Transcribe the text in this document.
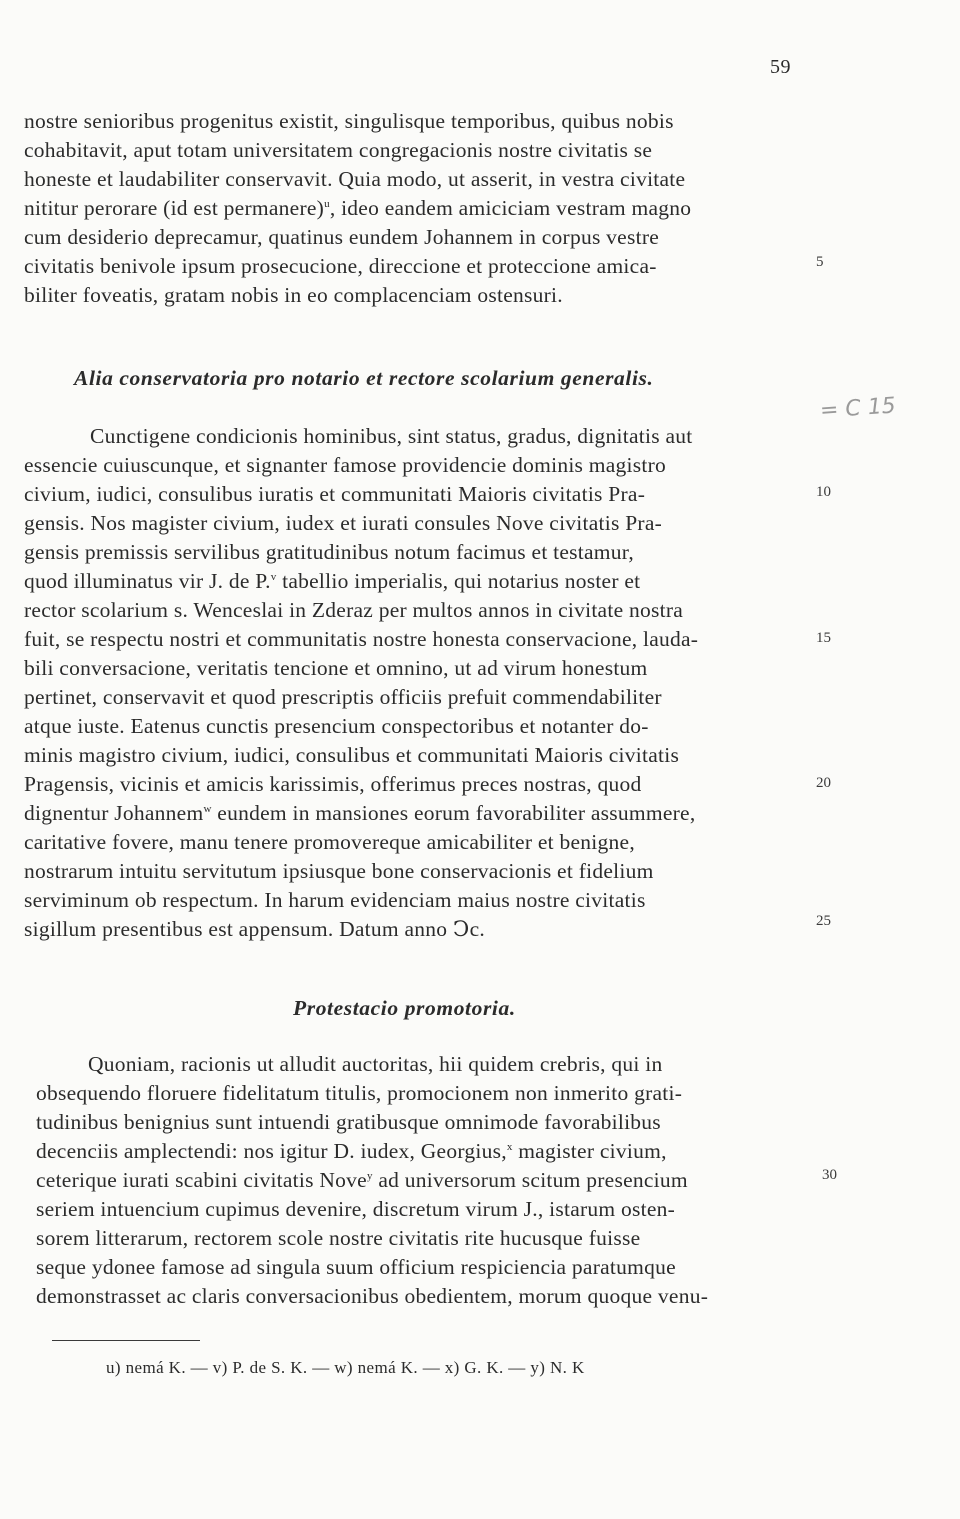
59
nostre senioribus progenitus existit, singulisque temporibus, quibus nobis
cohabitavit, aput totam universitatem congregacionis nostre civitatis se
honeste et laudabiliter conservavit. Quia modo, ut asserit, in vestra civitate
nititur perorare (id est permanere)$^u$, ideo eandem amiciciam vestram magno
cum desiderio deprecamur, quatinus eundem Johannem in corpus vestre
civitatis benivole ipsum prosecucione, direccione et proteccione amica-
biliter foveatis, gratam nobis in eo complacenciam ostensuri.
Alia conservatoria pro notario et rectore scolarium generalis.
= C 15
Cunctigene condicionis hominibus, sint status, gradus, dignitatis aut
essencie cuiuscunque, et signanter famose providencie dominis magistro
civium, iudici, consulibus iuratis et communitati Maioris civitatis Pra-
gensis. Nos magister civium, iudex et iurati consules Nove civitatis Pra-
gensis premissis servilibus gratitudinibus notum facimus et testamur,
quod illuminatus vir J. de P.$^v$ tabellio imperialis, qui notarius noster et
rector scolarium s. Wenceslai in Zderaz per multos annos in civitate nostra
fuit, se respectu nostri et communitatis nostre honesta conservacione, lauda-
bili conversacione, veritatis tencione et omnino, ut ad virum honestum
pertinet, conservavit et quod prescriptis officiis prefuit commendabiliter
atque iuste. Eatenus cunctis presencium conspectoribus et notanter do-
minis magistro civium, iudici, consulibus et communitati Maioris civitatis
Pragensis, vicinis et amicis karissimis, offerimus preces nostras, quod
dignentur Johannem$^w$ eundem in mansiones eorum favorabiliter assummere,
caritative fovere, manu tenere promovereque amicabiliter et benigne,
nostrarum intuitu servitutum ipsiusque bone conservacionis et fidelium
serviminum ob respectum. In harum evidenciam maius nostre civitatis
sigillum presentibus est appensum. Datum anno Ↄc.
Protestacio promotoria.
Quoniam, racionis ut alludit auctoritas, hii quidem crebris, qui in
obsequendo floruere fidelitatum titulis, promocionem non inmerito grati-
tudinibus benignius sunt intuendi gratibusque omnimode favorabilibus
decenciis amplectendi: nos igitur D. iudex, Georgius,$^x$ magister civium,
ceterique iurati scabini civitatis Nove$^y$ ad universorum scitum presencium
seriem intuencium cupimus devenire, discretum virum J., istarum osten-
sorem litterarum, rectorem scole nostre civitatis rite hucusque fuisse
seque ydonee famose ad singula suum officium respiciencia paratumque
demonstrasset ac claris conversacionibus obedientem, morum quoque venu-
5
10
15
20
25
30
u) nemá K. — v) P. de S. K. — w) nemá K. — x) G. K. — y) N. K
